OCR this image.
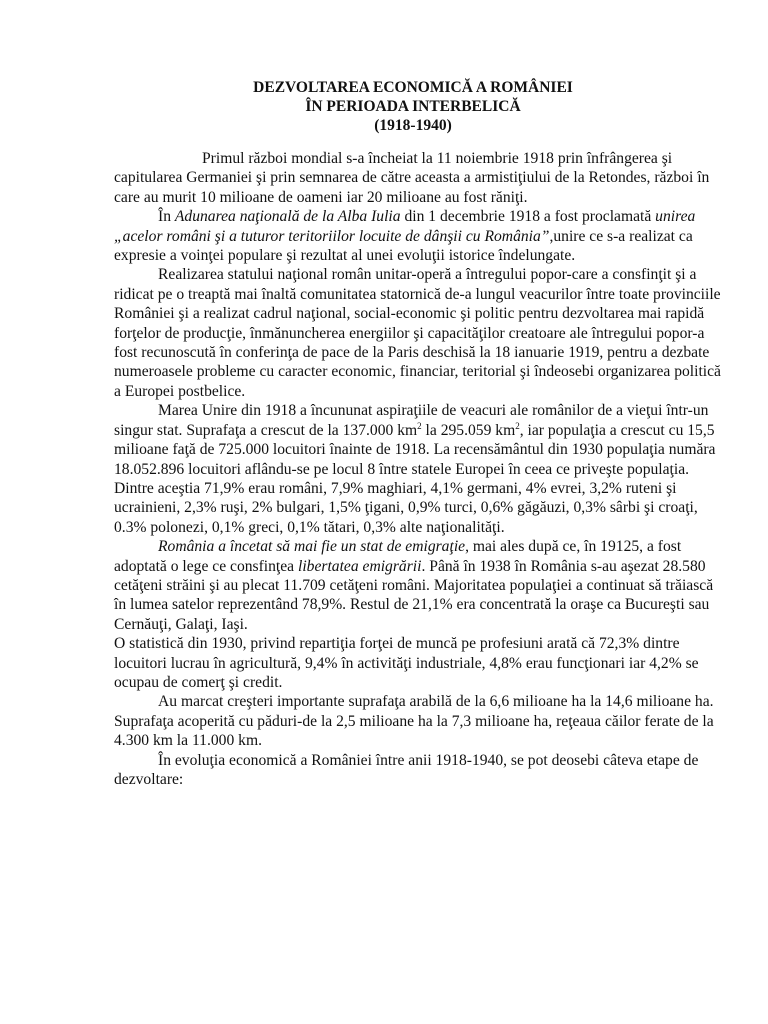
DEZVOLTAREA ECONOMICĂ A ROMÂNIEI
ÎN PERIOADA INTERBELICĂ
(1918-1940)

Primul război mondial s-a încheiat la 11 noiembrie 1918 prin înfrângerea şi capitularea Germaniei şi prin semnarea de către aceasta a armistiţiului de la Retondes, război în care au murit 10 milioane de oameni iar 20 milioane au fost răniţi.

În Adunarea naţională de la Alba Iulia din 1 decembrie 1918 a fost proclamată unirea „acelor români şi a tuturor teritoriilor locuite de dânşii cu România”,unire ce s-a realizat ca expresie a voinţei populare şi rezultat al unei evoluţii istorice îndelungate.

Realizarea statului naţional român unitar-operă a întregului popor-care a consfinţit şi a ridicat pe o treaptă mai înaltă comunitatea statornică de-a lungul veacurilor între toate provinciile României şi a realizat cadrul naţional, social-economic şi politic pentru dezvoltarea mai rapidă forţelor de producţie, înmănuncherea energiilor şi capacităţilor creatoare ale întregului popor-a fost recunoscută în conferinţa de pace de la Paris deschisă la 18 ianuarie 1919, pentru a dezbate numeroasele probleme cu caracter economic, financiar, teritorial şi îndeosebi organizarea politică a Europei postbelice.

Marea Unire din 1918 a încununat aspiraţiile de veacuri ale românilor de a vieţui într-un singur stat. Suprafaţa a crescut de la 137.000 $km^2$ la 295.059 $km^2$, iar populaţia a crescut cu 15,5 milioane faţă de 725.000 locuitori înainte de 1918. La recensământul din 1930 populaţia număra 18.052.896 locuitori aflându-se pe locul 8 între statele Europei în ceea ce priveşte populaţia. Dintre aceştia 71,9% erau români, 7,9% maghiari, 4,1% germani, 4% evrei, 3,2% ruteni şi ucrainieni, 2,3% ruşi, 2% bulgari, 1,5% ţigani, 0,9% turci, 0,6% găgăuzi, 0,3% sârbi şi croaţi, 0.3% polonezi, 0,1% greci, 0,1% tătari, 0,3% alte naţionalităţi.

România a încetat să mai fie un stat de emigraţie, mai ales după ce, în 19125, a fost adoptată o lege ce consfinţea libertatea emigrării. Până în 1938 în România s-au aşezat 28.580 cetăţeni străini şi au plecat 11.709 cetăţeni români. Majoritatea populaţiei a continuat să trăiască în lumea satelor reprezentând 78,9%. Restul de 21,1% era concentrată la oraşe ca Bucureşti sau Cernăuţi, Galaţi, Iaşi.

O statistică din 1930, privind repartiţia forţei de muncă pe profesiuni arată că 72,3% dintre locuitori lucrau în agricultură, 9,4% în activităţi industriale, 4,8% erau funcţionari iar 4,2% se ocupau de comerţ şi credit.

Au marcat creşteri importante suprafaţa arabilă de la 6,6 milioane ha la 14,6 milioane ha. Suprafaţa acoperită cu păduri-de la 2,5 milioane ha la 7,3 milioane ha, reţeaua căilor ferate de la 4.300 km la 11.000 km.

În evoluţia economică a României între anii 1918-1940, se pot deosebi câteva etape de dezvoltare:
